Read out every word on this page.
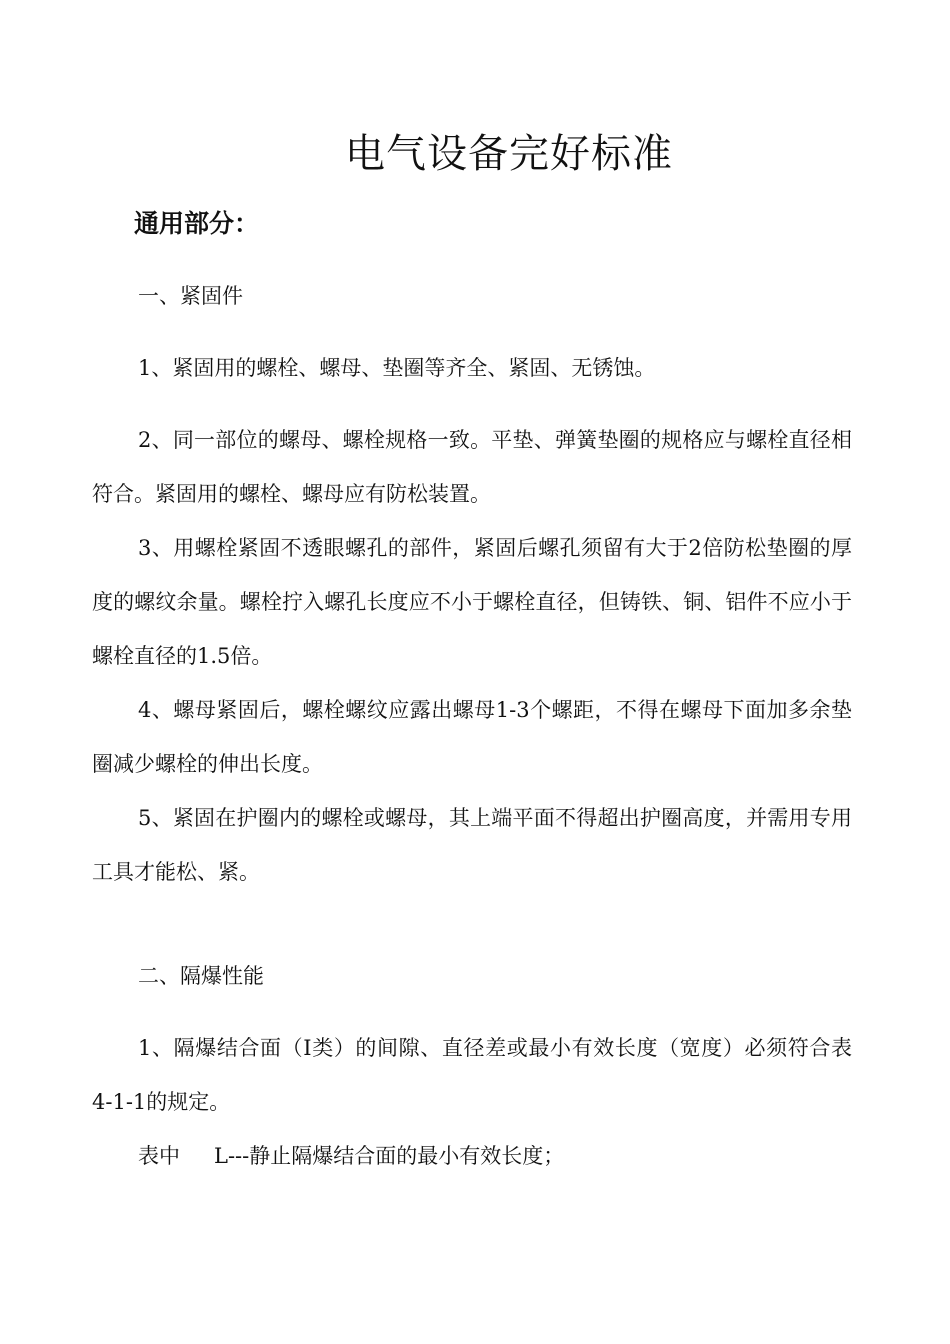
电气设备完好标准
通用部分：

一、紧固件

1、紧固用的螺栓、螺母、垫圈等齐全、紧固、无锈蚀。

2、同一部位的螺母、螺栓规格一致。平垫、弹簧垫圈的规格应与螺栓直径相符合。紧固用的螺栓、螺母应有防松装置。

3、用螺栓紧固不透眼螺孔的部件，紧固后螺孔须留有大于2倍防松垫圈的厚度的螺纹余量。螺栓拧入螺孔长度应不小于螺栓直径，但铸铁、铜、铝件不应小于螺栓直径的1.5倍。

4、螺母紧固后，螺栓螺纹应露出螺母1-3个螺距，不得在螺母下面加多余垫圈减少螺栓的伸出长度。

5、紧固在护圈内的螺栓或螺母，其上端平面不得超出护圈高度，并需用专用工具才能松、紧。

二、隔爆性能

1、隔爆结合面（Ⅰ类）的间隙、直径差或最小有效长度（宽度）必须符合表4-1-1的规定。

表中 L---静止隔爆结合面的最小有效长度；
